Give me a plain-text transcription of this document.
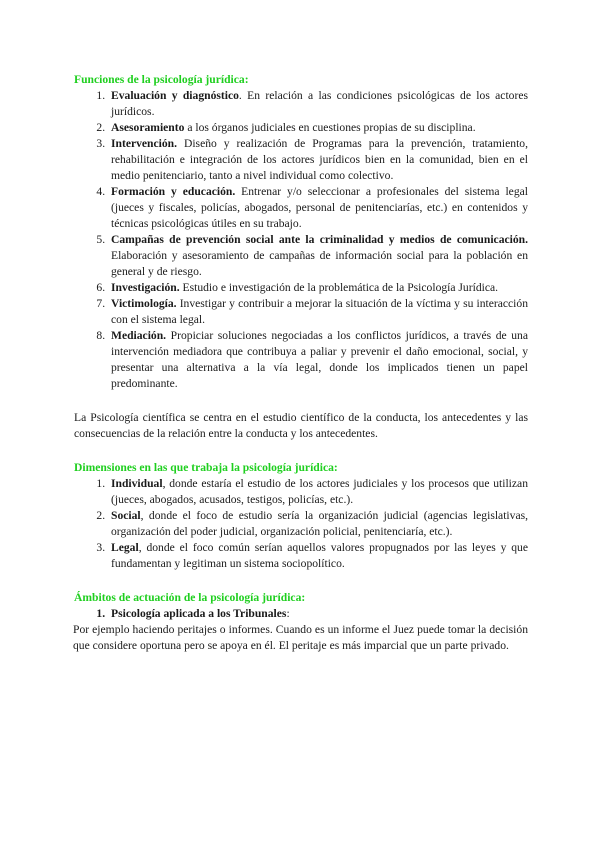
Funciones de la psicología jurídica:
1. Evaluación y diagnóstico. En relación a las condiciones psicológicas de los actores jurídicos.
2. Asesoramiento a los órganos judiciales en cuestiones propias de su disciplina.
3. Intervención. Diseño y realización de Programas para la prevención, tratamiento, rehabilitación e integración de los actores jurídicos bien en la comunidad, bien en el medio penitenciario, tanto a nivel individual como colectivo.
4. Formación y educación. Entrenar y/o seleccionar a profesionales del sistema legal (jueces y fiscales, policías, abogados, personal de penitenciarías, etc.) en contenidos y técnicas psicológicas útiles en su trabajo.
5. Campañas de prevención social ante la criminalidad y medios de comunicación. Elaboración y asesoramiento de campañas de información social para la población en general y de riesgo.
6. Investigación. Estudio e investigación de la problemática de la Psicología Jurídica.
7. Victimología. Investigar y contribuir a mejorar la situación de la víctima y su interacción con el sistema legal.
8. Mediación. Propiciar soluciones negociadas a los conflictos jurídicos, a través de una intervención mediadora que contribuya a paliar y prevenir el daño emocional, social, y presentar una alternativa a la vía legal, donde los implicados tienen un papel predominante.

La Psicología científica se centra en el estudio científico de la conducta, los antecedentes y las consecuencias de la relación entre la conducta y los antecedentes.

Dimensiones en las que trabaja la psicología jurídica:
1. Individual, donde estaría el estudio de los actores judiciales y los procesos que utilizan (jueces, abogados, acusados, testigos, policías, etc.).
2. Social, donde el foco de estudio sería la organización judicial (agencias legislativas, organización del poder judicial, organización policial, penitenciaría, etc.).
3. Legal, donde el foco común serían aquellos valores propugnados por las leyes y que fundamentan y legitiman un sistema sociopolítico.
Ámbitos de actuación de la psicología jurídica:
1. Psicología aplicada a los Tribunales:

Por ejemplo haciendo peritajes o informes. Cuando es un informe el Juez puede tomar la decisión que considere oportuna pero se apoya en él. El peritaje es más imparcial que un parte privado.
